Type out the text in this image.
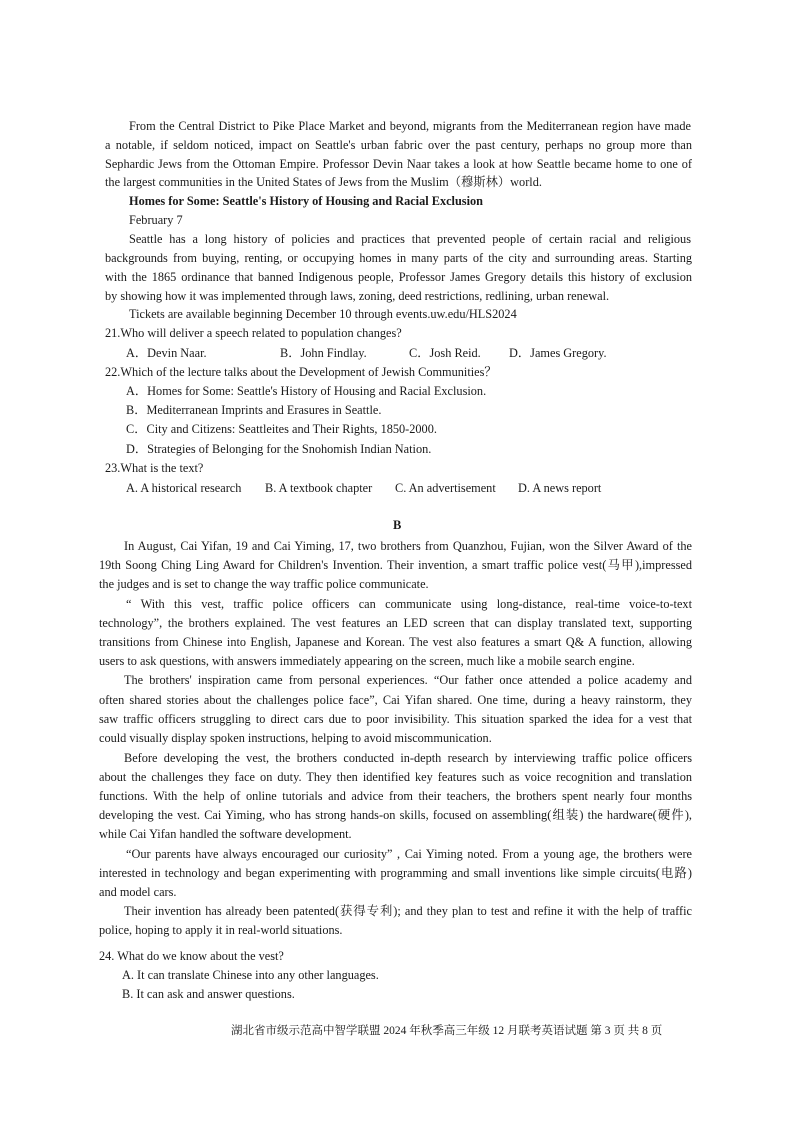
From the Central District to Pike Place Market and beyond, migrants from the Mediterranean region have made
a notable, if seldom noticed, impact on Seattle's urban fabric over the past century, perhaps no group more than
Sephardic Jews from the Ottoman Empire. Professor Devin Naar takes a look at how Seattle became home to one of
the largest communities in the United States of Jews from the Muslim（穆斯林）world.
Homes for Some: Seattle's History of Housing and Racial Exclusion
February 7
Seattle has a long history of policies and practices that prevented people of certain racial and religious
backgrounds from buying, renting, or occupying homes in many parts of the city and surrounding areas. Starting
with the 1865 ordinance that banned Indigenous people, Professor James Gregory details this history of exclusion
by showing how it was implemented through laws, zoning, deed restrictions, redlining, urban renewal.
Tickets are available beginning December 10 through events.uw.edu/HLS2024
21.Who will deliver a speech related to population changes?
A．Devin Naar.	B．John Findlay.	C．Josh Reid. D．James Gregory.
22.Which of the lecture talks about the Development of Jewish Communities？
A．Homes for Some: Seattle's History of Housing and Racial Exclusion.
B．Mediterranean Imprints and Erasures in Seattle.
C．City and Citizens: Seattleites and Their Rights, 1850-2000.
D．Strategies of Belonging for the Snohomish Indian Nation.
23.What is the text?
A. A historical research B. A textbook chapter C. An advertisement D. A news report
B
In August, Cai Yifan, 19 and Cai Yiming, 17, two brothers from Quanzhou, Fujian, won the Silver Award of the
19th Soong Ching Ling Award for Children's Invention. Their invention, a smart traffic police vest(马甲),impressed
the judges and is set to change the way traffic police communicate.
“ With this vest, traffic police officers can communicate using long-distance, real-time voice-to-text
technology”, the brothers explained. The vest features an LED screen that can display translated text, supporting
transitions from Chinese into English, Japanese and Korean. The vest also features a smart Q& A function, allowing
users to ask questions, with answers immediately appearing on the screen, much like a mobile search engine.
The brothers' inspiration came from personal experiences. “Our father once attended a police academy and
often shared stories about the challenges police face”, Cai Yifan shared. One time, during a heavy rainstorm, they
saw traffic officers struggling to direct cars due to poor invisibility. This situation sparked the idea for a vest that
could visually display spoken instructions, helping to avoid miscommunication.
Before developing the vest, the brothers conducted in-depth research by interviewing traffic police officers
about the challenges they face on duty. They then identified key features such as voice recognition and translation
functions. With the help of online tutorials and advice from their teachers, the brothers spent nearly four months
developing the vest. Cai Yiming, who has strong hands-on skills, focused on assembling(组装) the hardware(硬件),
while Cai Yifan handled the software development.
“Our parents have always encouraged our curiosity” , Cai Yiming noted. From a young age, the brothers were
interested in technology and began experimenting with programming and small inventions like simple circuits(电路)
and model cars.
Their invention has already been patented(获得专利); and they plan to test and refine it with the help of traffic
police, hoping to apply it in real-world situations.
24. What do we know about the vest?
A. It can translate Chinese into any other languages.
B. It can ask and answer questions.
湖北省市级示范高中智学联盟 2024 年秋季高三年级 12 月联考英语试题 第 3 页 共 8 页
